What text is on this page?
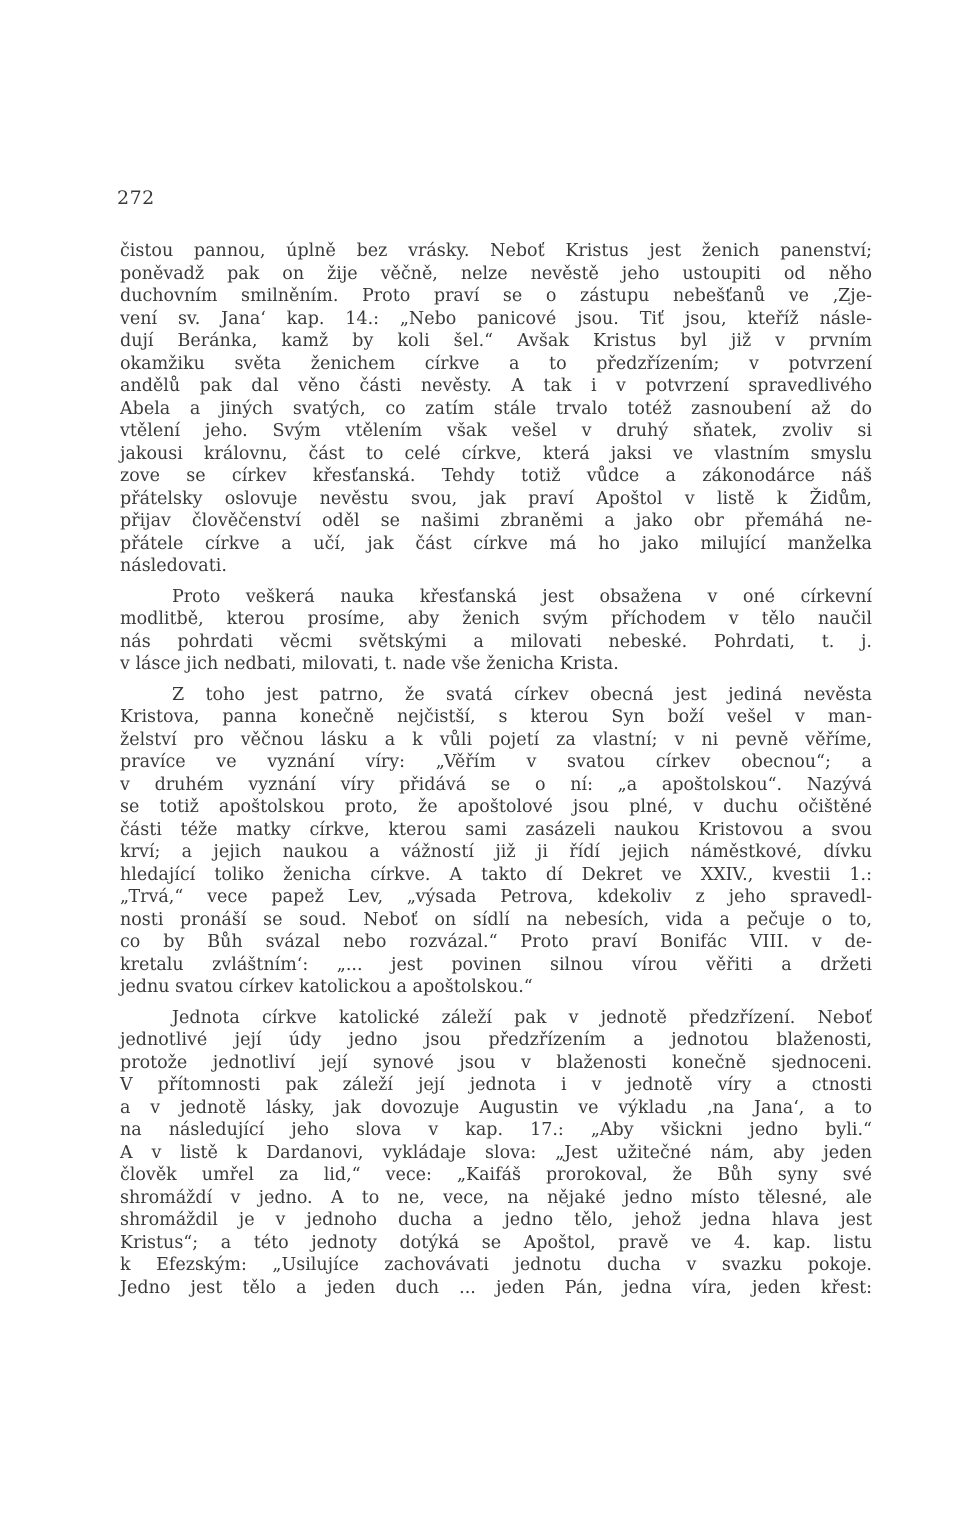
272
čistou pannou, úplně bez vrásky. Neboť Kristus jest ženich panenství;
poněvadž pak on žije věčně, nelze nevěstě jeho ustoupiti od něho
duchovním smilněním. Proto praví se o zástupu nebešťanů ve ‚Zje-
vení sv. Jana‘ kap. 14.: „Nebo panicové jsou. Tiť jsou, kteříž násle-
dují Beránka, kamž by koli šel.“ Avšak Kristus byl již v prvním
okamžiku světa ženichem církve a to předzřízením; v potvrzení
andělů pak dal věno části nevěsty. A tak i v potvrzení spravedlivého
Abela a jiných svatých, co zatím stále trvalo totéž zasnoubení až do
vtělení jeho. Svým vtělením však vešel v druhý sňatek, zvoliv si
jakousi královnu, část to celé církve, která jaksi ve vlastním smyslu
zove se církev křesťanská. Tehdy totiž vůdce a zákonodárce náš
přátelsky oslovuje nevěstu svou, jak praví Apoštol v listě k Židům,
přijav člověčenství oděl se našimi zbraněmi a jako obr přemáhá ne-
přátele církve a učí, jak část církve má ho jako milující manželka
následovati.
Proto veškerá nauka křesťanská jest obsažena v oné církevní
modlitbě, kterou prosíme, aby ženich svým příchodem v tělo naučil
nás pohrdati věcmi světskými a milovati nebeské. Pohrdati, t. j.
v lásce jich nedbati, milovati, t. nade vše ženicha Krista.
Z toho jest patrno, že svatá církev obecná jest jediná nevěsta
Kristova, panna konečně nejčistší, s kterou Syn boží vešel v man-
želství pro věčnou lásku a k vůli pojetí za vlastní; v ni pevně věříme,
pravíce ve vyznání víry: „Věřím v svatou církev obecnou“; a
v druhém vyznání víry přidává se o ní: „a apoštolskou“. Nazývá
se totiž apoštolskou proto, že apoštolové jsou plné, v duchu očištěné
části téže matky církve, kterou sami zasázeli naukou Kristovou a svou
krví; a jejich naukou a vážností již ji řídí jejich náměstkové, dívku
hledající toliko ženicha církve. A takto dí Dekret ve XXIV., kvestii 1.:
„Trvá,“ vece papež Lev, „výsada Petrova, kdekoliv z jeho spravedl-
nosti pronáší se soud. Neboť on sídlí na nebesích, vida a pečuje o to,
co by Bůh svázal nebo rozvázal.“ Proto praví Bonifác VIII. v de-
kretalu zvláštním‘: „... jest povinen silnou vírou věřiti a držeti
jednu svatou církev katolickou a apoštolskou.“
Jednota církve katolické záleží pak v jednotě předzřízení. Neboť
jednotlivé její údy jedno jsou předzřízením a jednotou blaženosti,
protože jednotliví její synové jsou v blaženosti konečně sjednoceni.
V přítomnosti pak záleží její jednota i v jednotě víry a ctnosti
a v jednotě lásky, jak dovozuje Augustin ve výkladu ‚na Jana‘, a to
na následující jeho slova v kap. 17.: „Aby všickni jedno byli.“
A v listě k Dardanovi, vykládaje slova: „Jest užitečné nám, aby jeden
člověk umřel za lid,“ vece: „Kaifáš prorokoval, že Bůh syny své
shromáždí v jedno. A to ne, vece, na nějaké jedno místo tělesné, ale
shromáždil je v jednoho ducha a jedno tělo, jehož jedna hlava jest
Kristus“; a této jednoty dotýká se Apoštol, pravě ve 4. kap. listu
k Efezským: „Usilujíce zachovávati jednotu ducha v svazku pokoje.
Jedno jest tělo a jeden duch ... jeden Pán, jedna víra, jeden křest:
